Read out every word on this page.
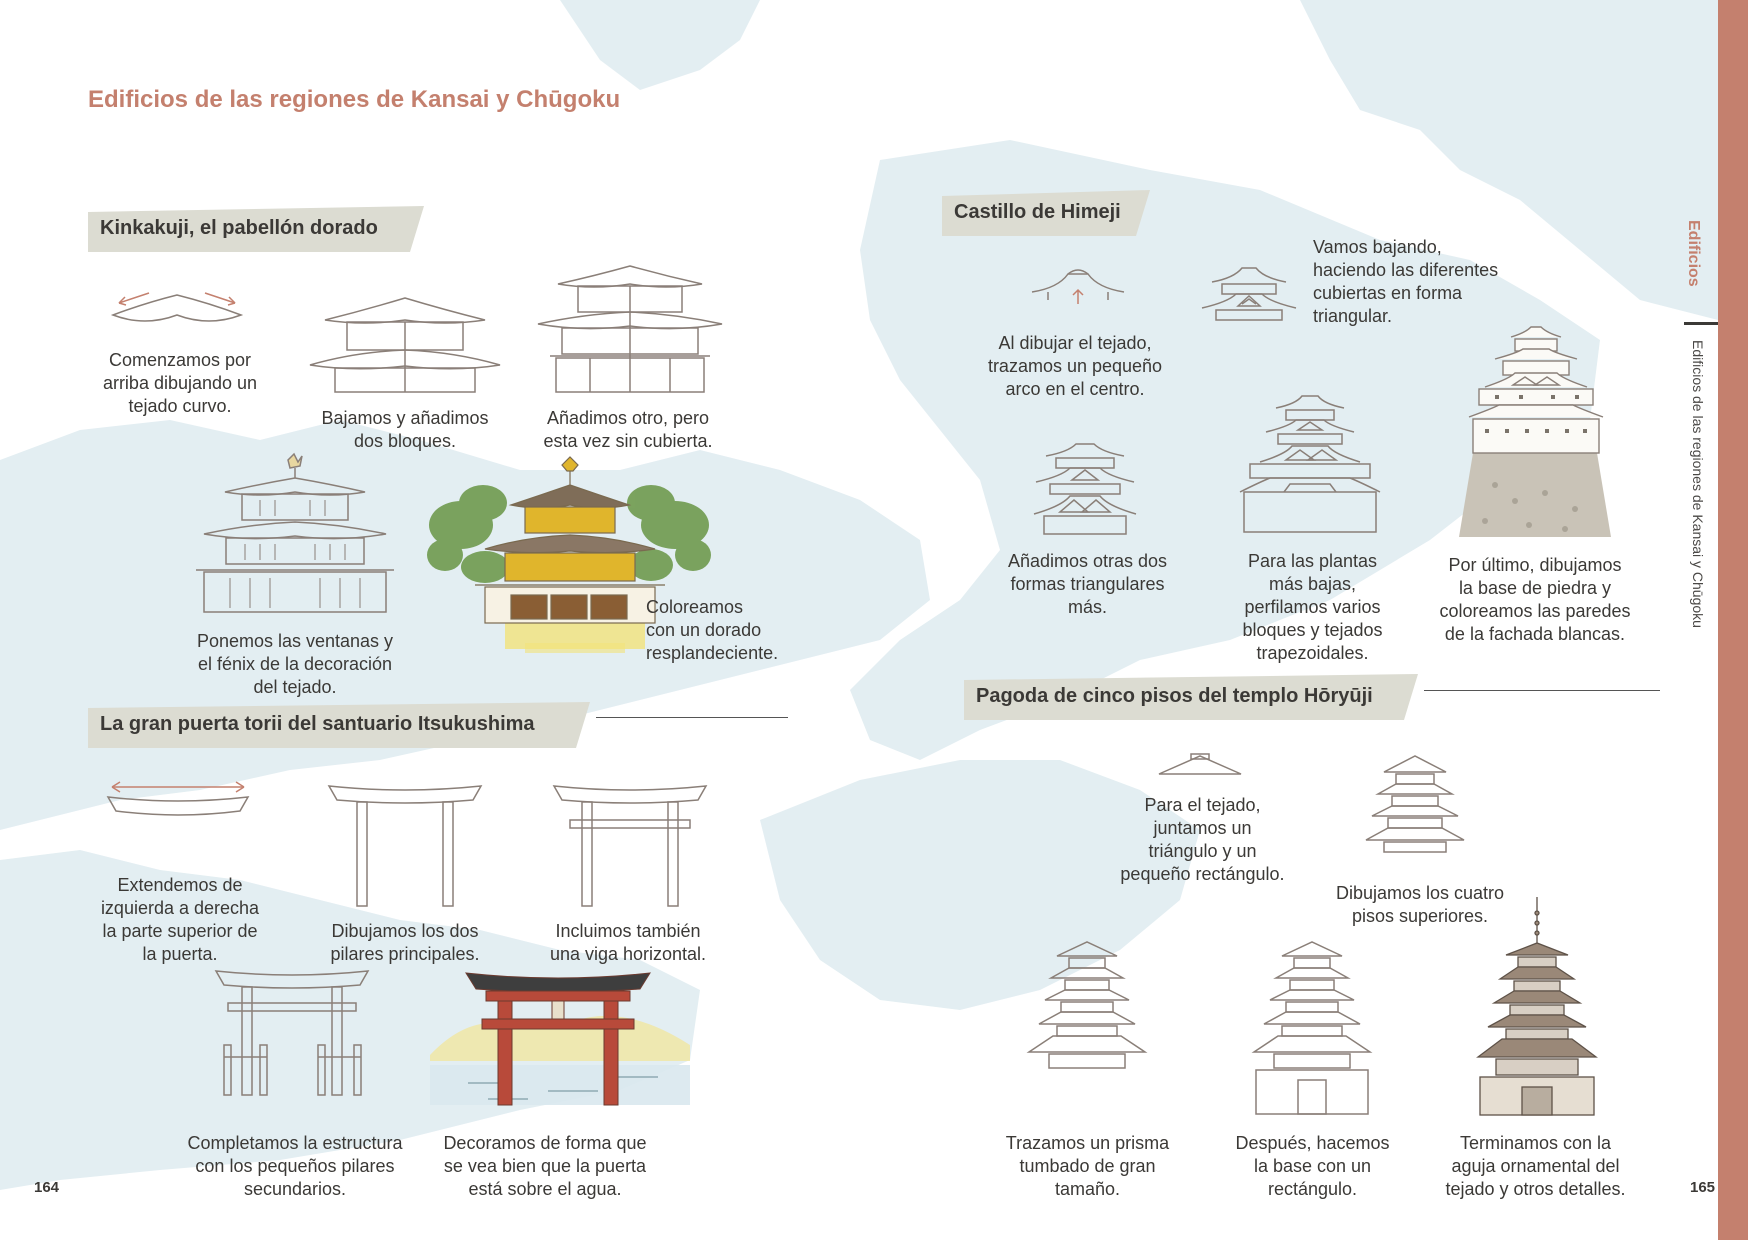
Edificios de las regiones de Kansai y Chūgoku
Kinkakuji, el pabellón dorado
Comenzamos por
arriba dibujando un
tejado curvo.
Bajamos y añadimos
dos bloques.
Añadimos otro, pero
esta vez sin cubierta.
Ponemos las ventanas y
el fénix de la decoración
del tejado.
Coloreamos
con un dorado
resplandeciente.
La gran puerta torii del santuario Itsukushima
Extendemos de
izquierda a derecha
la parte superior de
la puerta.
Dibujamos los dos
pilares principales.
Incluimos también
una viga horizontal.
Completamos la estructura
con los pequeños pilares
secundarios.
Decoramos de forma que
se vea bien que la puerta
está sobre el agua.
Castillo de Himeji
Al dibujar el tejado,
trazamos un pequeño
arco en el centro.
Vamos bajando,
haciendo las diferentes
cubiertas en forma
triangular.
Añadimos otras dos
formas triangulares
más.
Para las plantas
más bajas,
perfilamos varios
bloques y tejados
trapezoidales.
Por último, dibujamos
la base de piedra y
coloreamos las paredes
de la fachada blancas.
Pagoda de cinco pisos del templo Hōryūji
Para el tejado,
juntamos un
triángulo y un
pequeño rectángulo.
Dibujamos los cuatro
pisos superiores.
Trazamos un prisma
tumbado de gran
tamaño.
Después, hacemos
la base con un
rectángulo.
Terminamos con la
aguja ornamental del
tejado y otros detalles.
164	165
Edificios
Edificios de las regiones de Kansai y Chūgoku
